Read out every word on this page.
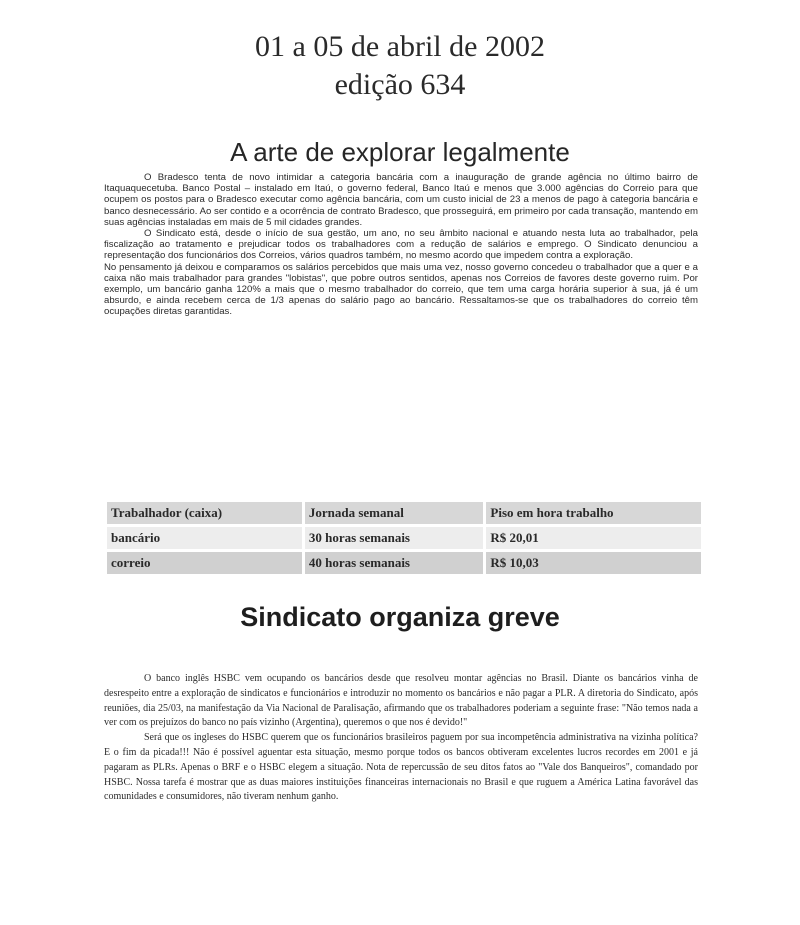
01 a 05 de abril de 2002
edição 634
A arte de explorar legalmente

O Bradesco tenta de novo intimidar a categoria bancária com a inauguração de grande agência no último bairro de Itaquaquecetuba. Banco Postal – instalado em Itaú, o governo federal, Banco Itaú e menos que 3.000 agências do Correio para que ocupem os postos para o Bradesco executar como agência bancária, com um custo inicial de 23 a menos de pago à categoria bancária e banco desnecessário. Ao ser contido e a ocorrência de contrato Bradesco, que prosseguirá, em primeiro por cada transação, mantendo em suas agências instaladas em mais de 5 mil cidades grandes.

O Sindicato está, desde o início de sua gestão, um ano, no seu âmbito nacional e atuando nesta luta ao trabalhador, pela fiscalização ao tratamento e prejudicar todos os trabalhadores com a redução de salários e emprego. O Sindicato denunciou a representação dos funcionários dos Correios, vários quadros também, no mesmo acordo que impedem contra a exploração.

No pensamento já deixou e comparamos os salários percebidos que mais uma vez, nosso governo concedeu o trabalhador que a quer e a caixa não mais trabalhador para grandes "lobistas", que pobre outros sentidos, apenas nos Correios de favores deste governo ruim. Por exemplo, um bancário ganha 120% a mais que o mesmo trabalhador do correio, que tem uma carga horária superior à sua, já é um absurdo, e ainda recebem cerca de 1/3 apenas do salário pago ao bancário. Ressaltamos-se que os trabalhadores do correio têm ocupações diretas garantidas.

Trabalhador (caixa)	Jornada semanal	Piso em hora trabalho
bancário	30 horas semanais	R$ 20,01
correio	40 horas semanais	R$ 10,03
Sindicato organiza greve

O banco inglês HSBC vem ocupando os bancários desde que resolveu montar agências no Brasil. Diante os bancários vinha de desrespeito entre a exploração de sindicatos e funcionários e introduzir no momento os bancários e não pagar a PLR. A diretoria do Sindicato, após reuniões, dia 25/03, na manifestação da Via Nacional de Paralisação, afirmando que os trabalhadores poderiam a seguinte frase: "Não temos nada a ver com os prejuízos do banco no país vizinho (Argentina), queremos o que nos é devido!"

Será que os ingleses do HSBC querem que os funcionários brasileiros paguem por sua incompetência administrativa na vizinha política? E o fim da picada!!! Não é possível aguentar esta situação, mesmo porque todos os bancos obtiveram excelentes lucros recordes em 2001 e já pagaram as PLRs. Apenas o BRF e o HSBC elegem a situação. Nota de repercussão de seu ditos fatos ao "Vale dos Banqueiros", comandado por HSBC. Nossa tarefa é mostrar que as duas maiores instituições financeiras internacionais no Brasil e que ruguem a América Latina favorável das comunidades e consumidores, não tiveram nenhum ganho.
